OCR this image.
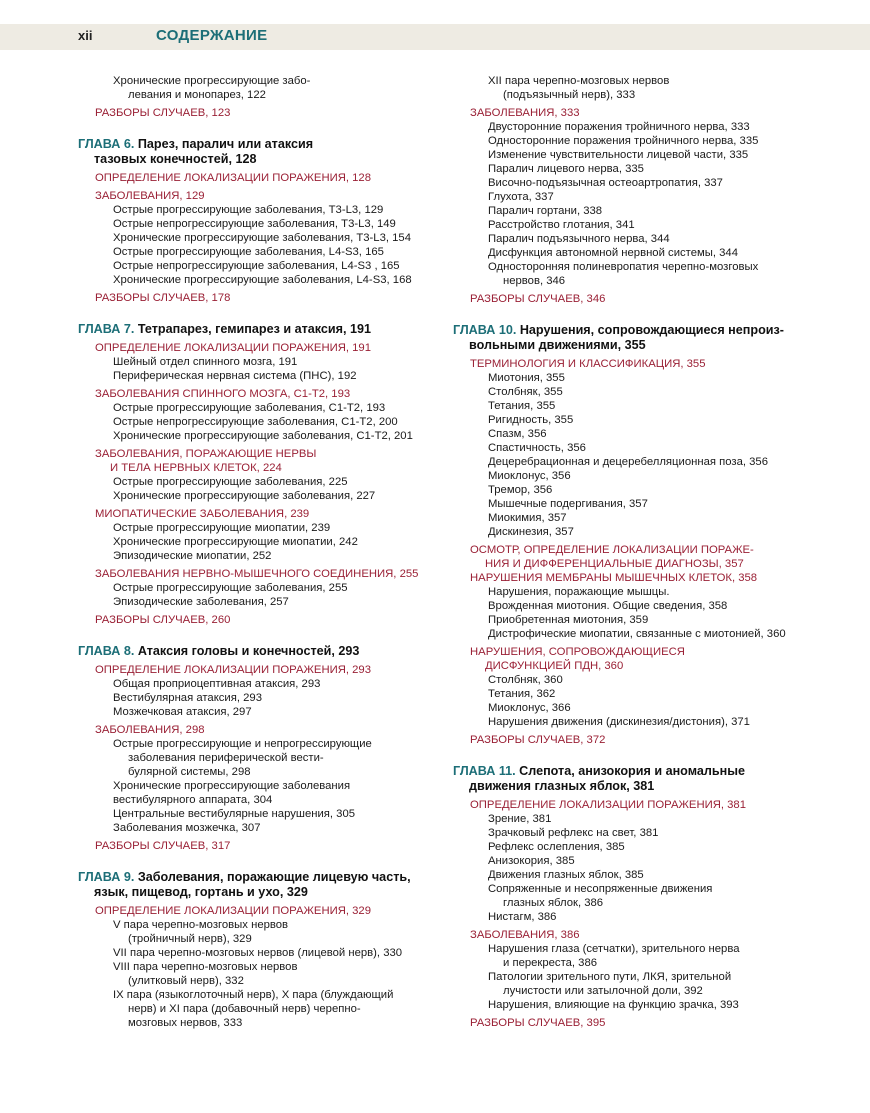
xii	СОДЕРЖАНИЕ
Хронические прогрессирующие забо-
левания и монопарез, 122
РАЗБОРЫ СЛУЧАЕВ, 123
ГЛАВА 6. Парез, паралич или атаксия
тазовых конечностей, 128
ОПРЕДЕЛЕНИЕ ЛОКАЛИЗАЦИИ ПОРАЖЕНИЯ, 128
ЗАБОЛЕВАНИЯ, 129
Острые прогрессирующие заболевания, Т3-L3, 129
Острые непрогрессирующие заболевания, Т3-L3, 149
Хронические прогрессирующие заболевания, Т3-L3, 154
Острые прогрессирующие заболевания, L4-S3, 165
Острые непрогрессирующие заболевания, L4-S3 , 165
Хронические прогрессирующие заболевания, L4-S3, 168
РАЗБОРЫ СЛУЧАЕВ, 178
ГЛАВА 7. Тетрапарез, гемипарез и атаксия, 191
ОПРЕДЕЛЕНИЕ ЛОКАЛИЗАЦИИ ПОРАЖЕНИЯ, 191
Шейный отдел спинного мозга, 191
Периферическая нервная система (ПНС), 192
ЗАБОЛЕВАНИЯ СПИННОГО МОЗГА, С1-Т2, 193
Острые прогрессирующие заболевания, С1-Т2, 193
Острые непрогрессирующие заболевания, С1-Т2, 200
Хронические прогрессирующие заболевания, С1-Т2, 201
ЗАБОЛЕВАНИЯ, ПОРАЖАЮЩИЕ НЕРВЫ
И ТЕЛА НЕРВНЫХ КЛЕТОК, 224
Острые прогрессирующие заболевания, 225
Хронические прогрессирующие заболевания, 227
МИОПАТИЧЕСКИЕ ЗАБОЛЕВАНИЯ, 239
Острые прогрессирующие миопатии, 239
Хронические прогрессирующие миопатии, 242
Эпизодические миопатии, 252
ЗАБОЛЕВАНИЯ НЕРВНО-МЫШЕЧНОГО СОЕДИНЕНИЯ, 255
Острые прогрессирующие заболевания, 255
Эпизодические заболевания, 257
РАЗБОРЫ СЛУЧАЕВ, 260
ГЛАВА 8. Атаксия головы и конечностей, 293
ОПРЕДЕЛЕНИЕ ЛОКАЛИЗАЦИИ ПОРАЖЕНИЯ, 293
Общая проприоцептивная атаксия, 293
Вестибулярная атаксия, 293
Мозжечковая атаксия, 297
ЗАБОЛЕВАНИЯ, 298
Острые прогрессирующие и непрогрессирующие
заболевания периферической вести-
булярной системы, 298
Хронические прогрессирующие заболевания
вестибулярного аппарата, 304
Центральные вестибулярные нарушения, 305
Заболевания мозжечка, 307
РАЗБОРЫ СЛУЧАЕВ, 317
ГЛАВА 9. Заболевания, поражающие лицевую часть,
язык, пищевод, гортань и ухо, 329
ОПРЕДЕЛЕНИЕ ЛОКАЛИЗАЦИИ ПОРАЖЕНИЯ, 329
V пара черепно-мозговых нервов
(тройничный нерв), 329
VII пара черепно-мозговых нервов (лицевой нерв), 330
VIII пара черепно-мозговых нервов
(улитковый нерв), 332
IX пара (языкоглоточный нерв), X пара (блуждающий
нерв) и XI пара (добавочный нерв) черепно-
мозговых нервов, 333
XII пара черепно-мозговых нервов
(подъязычный нерв), 333
ЗАБОЛЕВАНИЯ, 333
Двусторонние поражения тройничного нерва, 333
Односторонние поражения тройничного нерва, 335
Изменение чувствительности лицевой части, 335
Паралич лицевого нерва, 335
Височно-подъязычная остеоартропатия, 337
Глухота, 337
Паралич гортани, 338
Расстройство глотания, 341
Паралич подъязычного нерва, 344
Дисфункция автономной нервной системы, 344
Односторонняя полиневропатия черепно-мозговых
нервов, 346
РАЗБОРЫ СЛУЧАЕВ, 346
ГЛАВА 10. Нарушения, сопровождающиеся непроиз-
вольными движениями, 355
ТЕРМИНОЛОГИЯ И КЛАССИФИКАЦИЯ, 355
Миотония, 355
Столбняк, 355
Тетания, 355
Ригидность, 355
Спазм, 356
Спастичность, 356
Децеребрационная и децеребелляционная поза, 356
Миоклонус, 356
Тремор, 356
Мышечные подергивания, 357
Миокимия, 357
Дискинезия, 357
ОСМОТР, ОПРЕДЕЛЕНИЕ ЛОКАЛИЗАЦИИ ПОРАЖЕ-
НИЯ И ДИФФЕРЕНЦИАЛЬНЫЕ ДИАГНОЗЫ, 357
НАРУШЕНИЯ МЕМБРАНЫ МЫШЕЧНЫХ КЛЕТОК, 358
Нарушения, поражающие мышцы.
Врожденная миотония. Общие сведения, 358
Приобретенная миотония, 359
Дистрофические миопатии, связанные с миотонией, 360
НАРУШЕНИЯ, СОПРОВОЖДАЮЩИЕСЯ
ДИСФУНКЦИЕЙ ПДН, 360
Столбняк, 360
Тетания, 362
Миоклонус, 366
Нарушения движения (дискинезия/дистония), 371
РАЗБОРЫ СЛУЧАЕВ, 372
ГЛАВА 11. Слепота, анизокория и аномальные
движения глазных яблок, 381
ОПРЕДЕЛЕНИЕ ЛОКАЛИЗАЦИИ ПОРАЖЕНИЯ, 381
Зрение, 381
Зрачковый рефлекс на свет, 381
Рефлекс ослепления, 385
Анизокория, 385
Движения глазных яблок, 385
Сопряженные и несопряженные движения
глазных яблок, 386
Нистагм, 386
ЗАБОЛЕВАНИЯ, 386
Нарушения глаза (сетчатки), зрительного нерва
и перекреста, 386
Патологии зрительного пути, ЛКЯ, зрительной
лучистости или затылочной доли, 392
Нарушения, влияющие на функцию зрачка, 393
РАЗБОРЫ СЛУЧАЕВ, 395
